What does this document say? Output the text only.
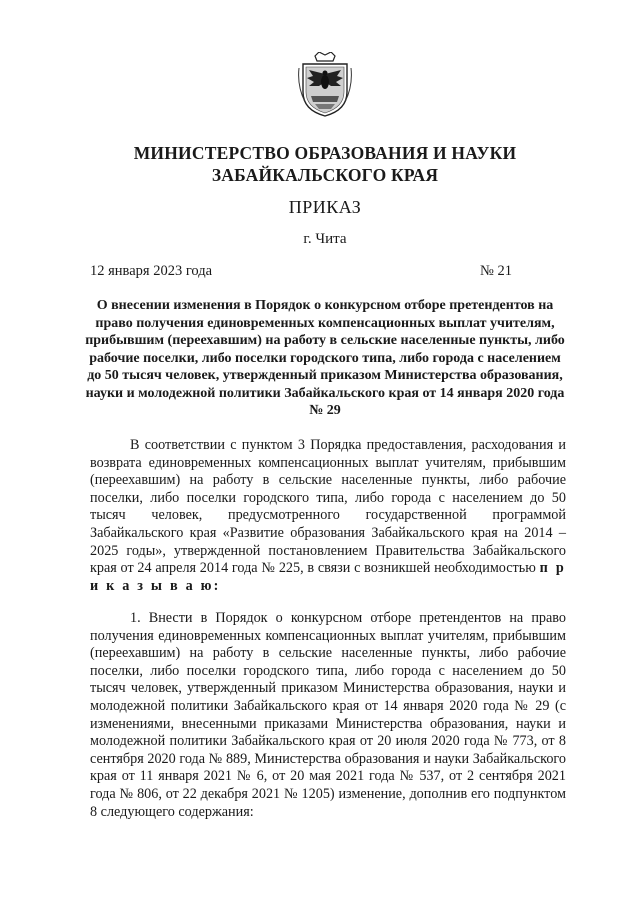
МИНИСТЕРСТВО ОБРАЗОВАНИЯ И НАУКИ
ЗАБАЙКАЛЬСКОГО КРАЯ
ПРИКАЗ
г. Чита
12 января 2023 года	№ 21
О внесении изменения в Порядок о конкурсном отборе претендентов на право получения единовременных компенсационных выплат учителям, прибывшим (переехавшим) на работу в сельские населенные пункты, либо рабочие поселки, либо поселки городского типа, либо города с населением до 50 тысяч человек, утвержденный приказом Министерства образования, науки и молодежной политики Забайкальского края от 14 января 2020 года № 29
В соответствии с пунктом 3 Порядка предоставления, расходования и возврата единовременных компенсационных выплат учителям, прибывшим (переехавшим) на работу в сельские населенные пункты, либо рабочие поселки, либо поселки городского типа, либо города с населением до 50 тысяч человек, предусмотренного государственной программой Забайкальского края «Развитие образования Забайкальского края на 2014 – 2025 годы», утвержденной постановлением Правительства Забайкальского края от 24 апреля 2014 года № 225, в связи с возникшей необходимостью п р и к а з ы в а ю:
1. Внести в Порядок о конкурсном отборе претендентов на право получения единовременных компенсационных выплат учителям, прибывшим (переехавшим) на работу в сельские населенные пункты, либо рабочие поселки, либо поселки городского типа, либо города с населением до 50 тысяч человек, утвержденный приказом Министерства образования, науки и молодежной политики Забайкальского края от 14 января 2020 года № 29 (с изменениями, внесенными приказами Министерства образования, науки и молодежной политики Забайкальского края от 20 июля 2020 года № 773, от 8 сентября 2020 года № 889, Министерства образования и науки Забайкальского края от 11 января 2021 № 6, от 20 мая 2021 года № 537, от 2 сентября 2021 года № 806, от 22 декабря 2021 № 1205) изменение, дополнив его подпунктом 8 следующего содержания:
